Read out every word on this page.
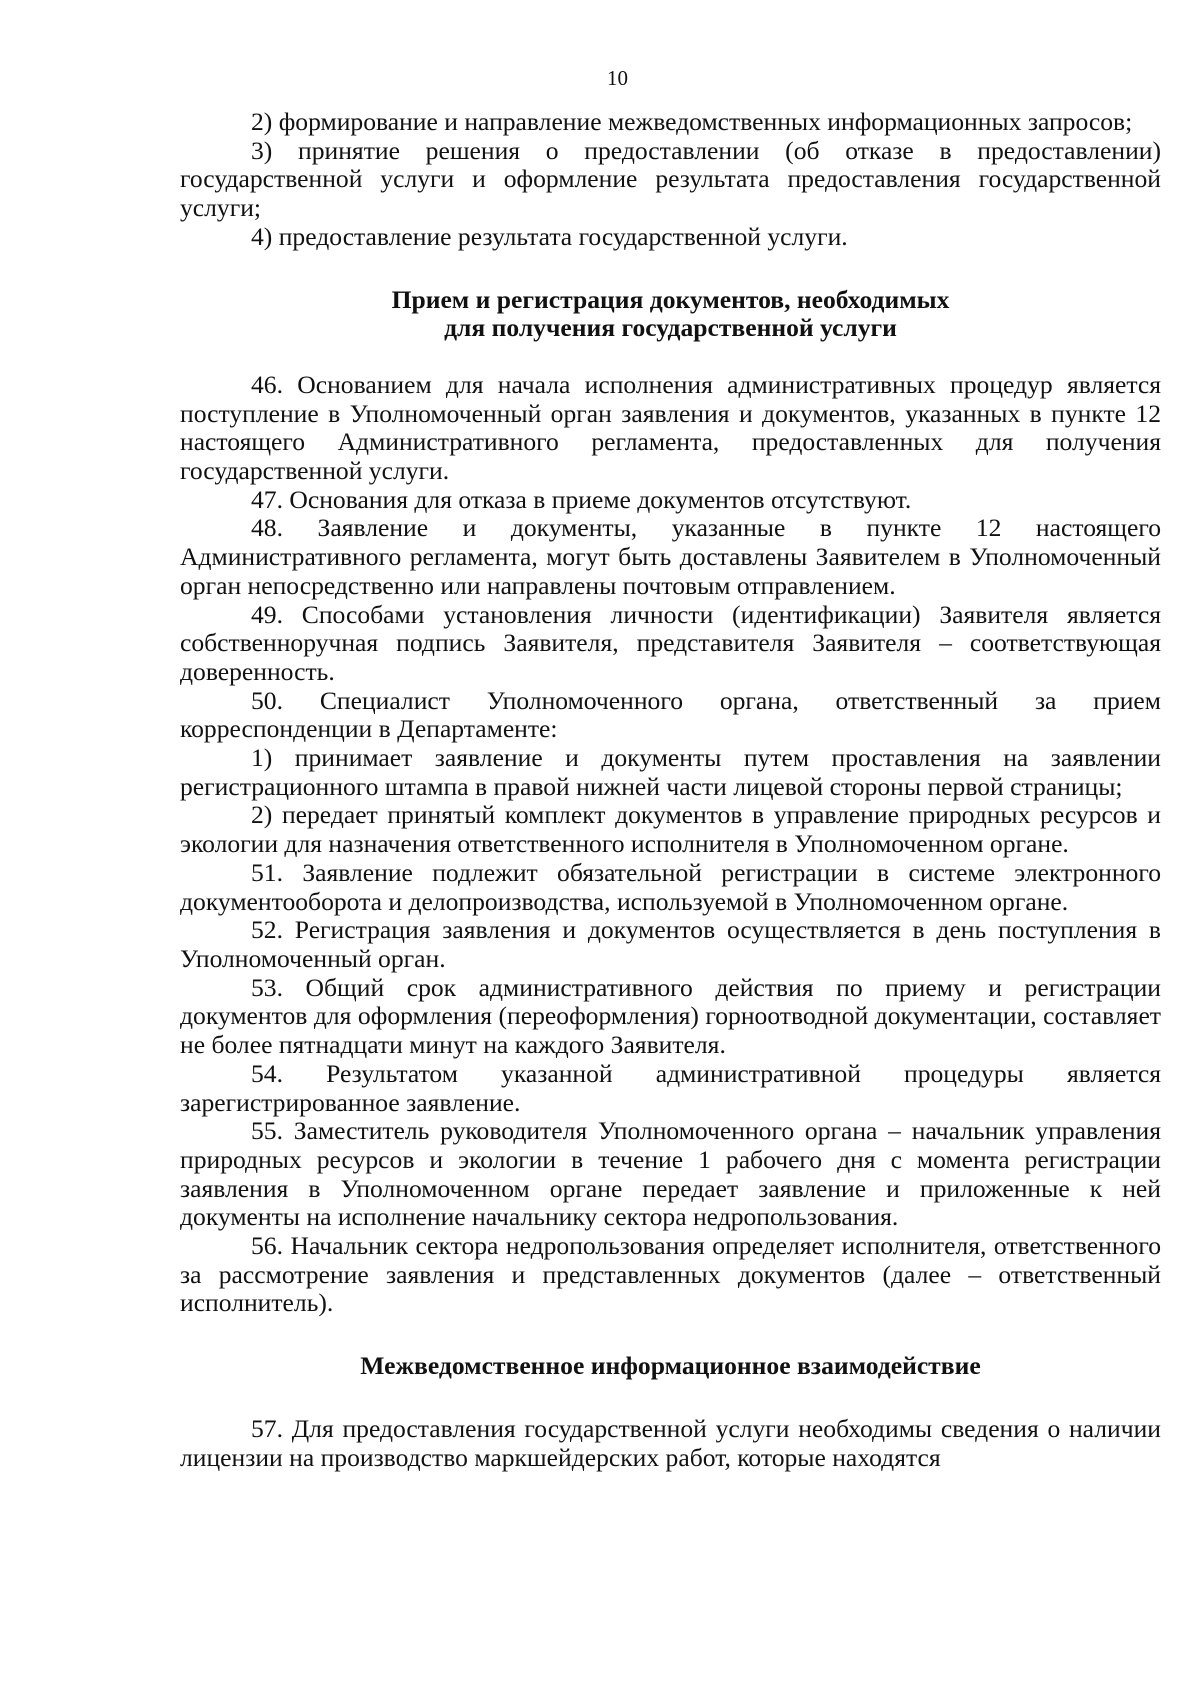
10

2) формирование и направление межведомственных информационных запросов;

3) принятие решения о предоставлении (об отказе в предоставлении) государственной услуги и оформление результата предоставления государственной услуги;

4) предоставление результата государственной услуги.

Прием и регистрация документов, необходимых
для получения государственной услуги

46. Основанием для начала исполнения административных процедур является поступление в Уполномоченный орган заявления и документов, указанных в пункте 12 настоящего Административного регламента, предоставленных для получения государственной услуги.

47. Основания для отказа в приеме документов отсутствуют.

48. Заявление и документы, указанные в пункте 12 настоящего Административного регламента, могут быть доставлены Заявителем в Уполномоченный орган непосредственно или направлены почтовым отправлением.

49. Способами установления личности (идентификации) Заявителя является собственноручная подпись Заявителя, представителя Заявителя – соответствующая доверенность.

50. Специалист Уполномоченного органа, ответственный за прием корреспонденции в Департаменте:

1) принимает заявление и документы путем проставления на заявлении регистрационного штампа в правой нижней части лицевой стороны первой страницы;

2) передает принятый комплект документов в управление природных ресурсов и экологии для назначения ответственного исполнителя в Уполномоченном органе.

51. Заявление подлежит обязательной регистрации в системе электронного документооборота и делопроизводства, используемой в Уполномоченном органе.

52. Регистрация заявления и документов осуществляется в день поступления в Уполномоченный орган.

53. Общий срок административного действия по приему и регистрации документов для оформления (переоформления) горноотводной документации, составляет не более пятнадцати минут на каждого Заявителя.

54. Результатом указанной административной процедуры является зарегистрированное заявление.

55. Заместитель руководителя Уполномоченного органа – начальник управления природных ресурсов и экологии в течение 1 рабочего дня с момента регистрации заявления в Уполномоченном органе передает заявление и приложенные к ней документы на исполнение начальнику сектора недропользования.

56. Начальник сектора недропользования определяет исполнителя, ответственного за рассмотрение заявления и представленных документов (далее – ответственный исполнитель).

Межведомственное информационное взаимодействие

57. Для предоставления государственной услуги необходимы сведения о наличии лицензии на производство маркшейдерских работ, которые находятся
